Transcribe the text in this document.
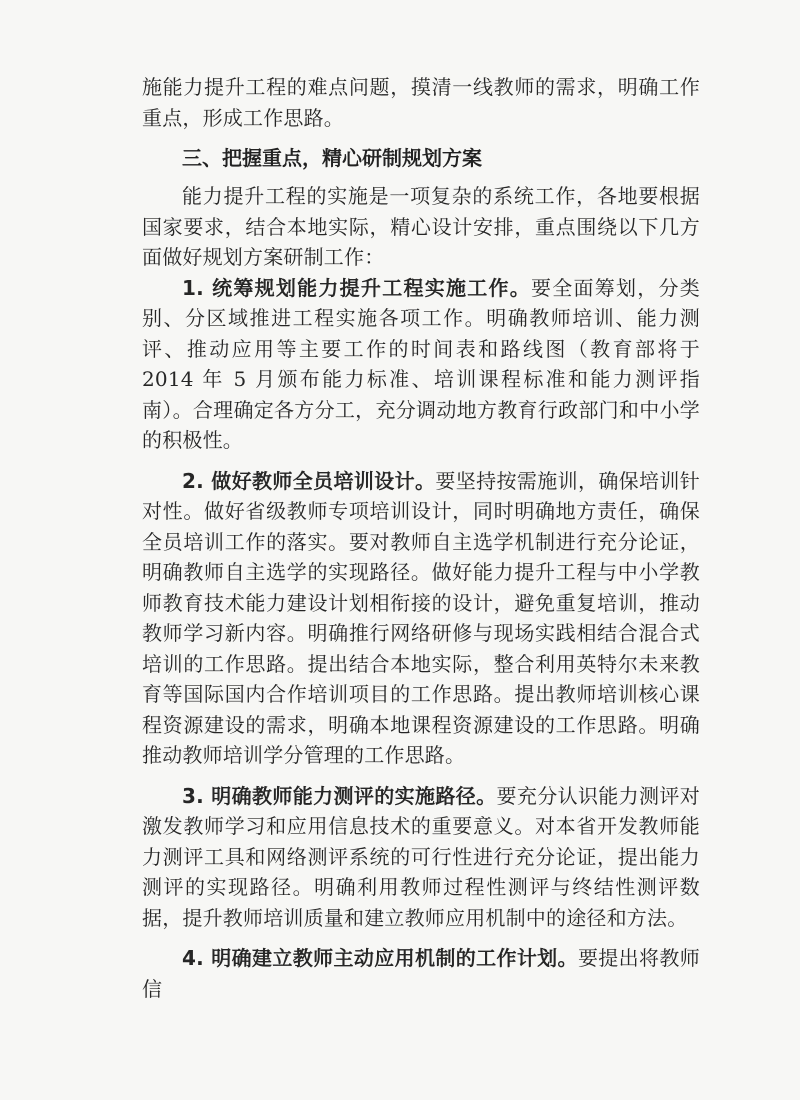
施能力提升工程的难点问题，摸清一线教师的需求，明确工作重点，形成工作思路。

三、把握重点，精心研制规划方案

能力提升工程的实施是一项复杂的系统工作，各地要根据国家要求，结合本地实际，精心设计安排，重点围绕以下几方面做好规划方案研制工作：

1. 统筹规划能力提升工程实施工作。要全面筹划，分类别、分区域推进工程实施各项工作。明确教师培训、能力测评、推动应用等主要工作的时间表和路线图（教育部将于 2014 年 5 月颁布能力标准、培训课程标准和能力测评指南）。合理确定各方分工，充分调动地方教育行政部门和中小学的积极性。

2. 做好教师全员培训设计。要坚持按需施训，确保培训针对性。做好省级教师专项培训设计，同时明确地方责任，确保全员培训工作的落实。要对教师自主选学机制进行充分论证，明确教师自主选学的实现路径。做好能力提升工程与中小学教师教育技术能力建设计划相衔接的设计，避免重复培训，推动教师学习新内容。明确推行网络研修与现场实践相结合混合式培训的工作思路。提出结合本地实际，整合利用英特尔未来教育等国际国内合作培训项目的工作思路。提出教师培训核心课程资源建设的需求，明确本地课程资源建设的工作思路。明确推动教师培训学分管理的工作思路。

3. 明确教师能力测评的实施路径。要充分认识能力测评对激发教师学习和应用信息技术的重要意义。对本省开发教师能力测评工具和网络测评系统的可行性进行充分论证，提出能力测评的实现路径。明确利用教师过程性测评与终结性测评数据，提升教师培训质量和建立教师应用机制中的途径和方法。

4. 明确建立教师主动应用机制的工作计划。要提出将教师信
